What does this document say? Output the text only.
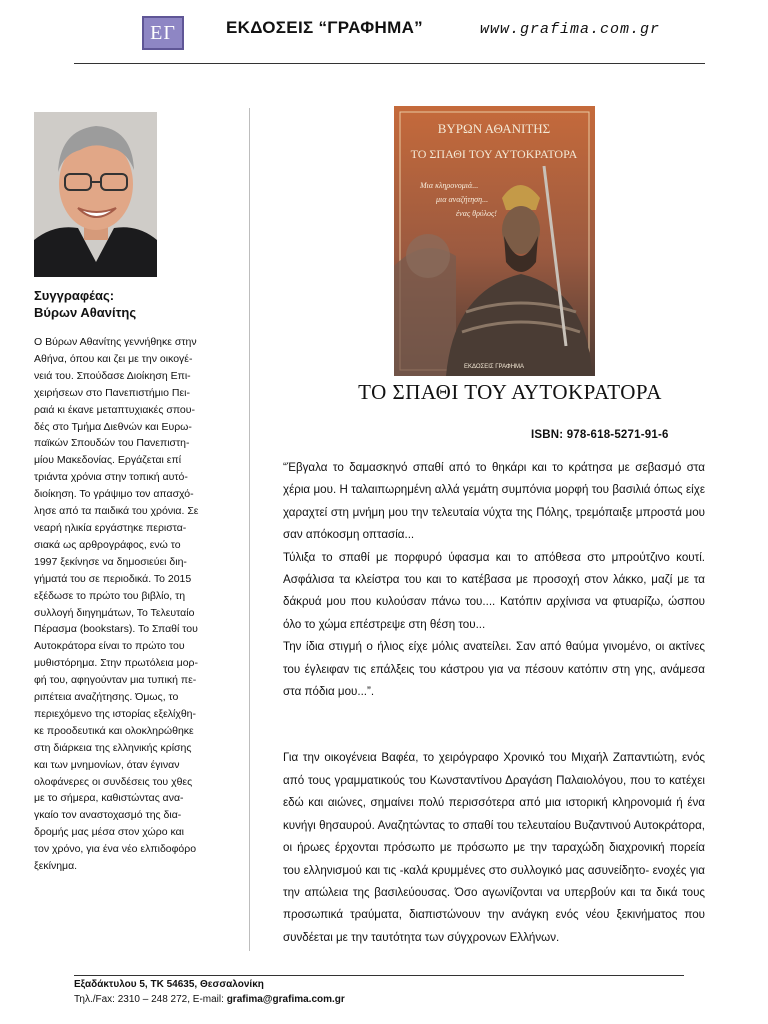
ΕΓ	ΕΚΔΟΣΕΙΣ “ΓΡΑΦΗΜΑ”	www.grafima.com.gr
Συγγραφέας:
Βύρων Αθανίτης
Ο Βύρων Αθανίτης γεννήθηκε στην
Αθήνα, όπου και ζει με την οικογέ-
νειά του. Σπούδασε Διοίκηση Επι-
χειρήσεων στο Πανεπιστήμιο Πει-
ραιά κι έκανε μεταπτυχιακές σπου-
δές στο Τμήμα Διεθνών και Ευρω-
παϊκών Σπουδών του Πανεπιστη-
μίου Μακεδονίας. Εργάζεται επί
τριάντα χρόνια στην τοπική αυτό-
διοίκηση. Το γράψιμο τον απασχό-
λησε από τα παιδικά του χρόνια. Σε
νεαρή ηλικία εργάστηκε περιστα-
σιακά ως αρθρογράφος, ενώ το
1997 ξεκίνησε να δημοσιεύει διη-
γήματά του σε περιοδικά. Το 2015
εξέδωσε το πρώτο του βιβλίο, τη
συλλογή διηγημάτων, Το Τελευταίο
Πέρασμα (bookstars). Το Σπαθί του
Αυτοκράτορα είναι το πρώτο του
μυθιστόρημα. Στην πρωτόλεια μορ-
φή του, αφηγούνταν μια τυπική πε-
ριπέτεια αναζήτησης. Όμως, το
περιεχόμενο της ιστορίας εξελίχθη-
κε προοδευτικά και ολοκληρώθηκε
στη διάρκεια της ελληνικής κρίσης
και των μνημονίων, όταν έγιναν
ολοφάνερες οι συνδέσεις του χθες
με το σήμερα, καθιστώντας ανα-
γκαίο τον αναστοχασμό της δια-
δρομής μας μέσα στον χώρο και
τον χρόνο, για ένα νέο ελπιδοφόρο
ξεκίνημα.
ΒΥΡΩΝ ΑΘΑΝΙΤΗΣ
ΤΟ ΣΠΑΘΙ ΤΟΥ ΑΥΤΟΚΡΑΤΟΡΑ
Μια κληρονομιά...
μια αναζήτηση...
ένας θρύλος!
ΕΚΔΟΣΕΙΣ ΓΡΑΦΗΜΑ
ΤΟ ΣΠΑΘΙ ΤΟΥ ΑΥΤΟΚΡΑΤΟΡΑ
ISBN: 978-618-5271-91-6

“Έβγαλα το δαμασκηνό σπαθί από το θηκάρι και το κράτησα με σεβασμό στα χέρια μου. Η ταλαιπωρημένη αλλά γεμάτη συμπόνια μορφή του βασιλιά όπως είχε χαραχτεί στη μνήμη μου την τελευταία νύχτα της Πόλης, τρεμόπαιξε μπροστά μου σαν απόκοσμη οπτασία...

Τύλιξα το σπαθί με πορφυρό ύφασμα και το απόθεσα στο μπρούτζινο κουτί. Ασφάλισα τα κλείστρα του και το κατέβασα με προσοχή στον λάκκο, μαζί με τα δάκρυά μου που κυλούσαν πάνω του.... Κατόπιν αρχίνισα να φτυαρίζω, ώσπου όλο το χώμα επέστρεψε στη θέση του...

Την ίδια στιγμή ο ήλιος είχε μόλις ανατείλει. Σαν από θαύμα γινομένο, οι ακτίνες του έγλειφαν τις επάλξεις του κάστρου για να πέσουν κατόπιν στη γης, ανάμεσα στα πόδια μου...”.

Για την οικογένεια Βαφέα, το χειρόγραφο Χρονικό του Μιχαήλ Ζαπαντιώτη, ενός από τους γραμματικούς του Κωνσταντίνου Δραγάση Παλαιολόγου, που το κατέχει εδώ και αιώνες, σημαίνει πολύ περισσότερα από μια ιστορική κληρονομιά ή ένα κυνήγι θησαυρού. Αναζητώντας το σπαθί του τελευταίου Βυζαντινού Αυτοκράτορα, οι ήρωες έρχονται πρόσωπο με πρόσωπο με την ταραχώδη διαχρονική πορεία του ελληνισμού και τις -καλά κρυμμένες στο συλλογικό μας ασυνείδητο- ενοχές για την απώλεια της βασιλεύουσας. Όσο αγωνίζονται να υπερβούν και τα δικά τους προσωπικά τραύματα, διαπιστώνουν την ανάγκη ενός νέου ξεκινήματος που συνδέεται με την ταυτότητα των σύγχρονων Ελλήνων.

Εξαδάκτυλου 5, ΤΚ 54635, Θεσσαλονίκη
Τηλ./Fax: 2310 – 248 272, E-mail: grafima@grafima.com.gr
